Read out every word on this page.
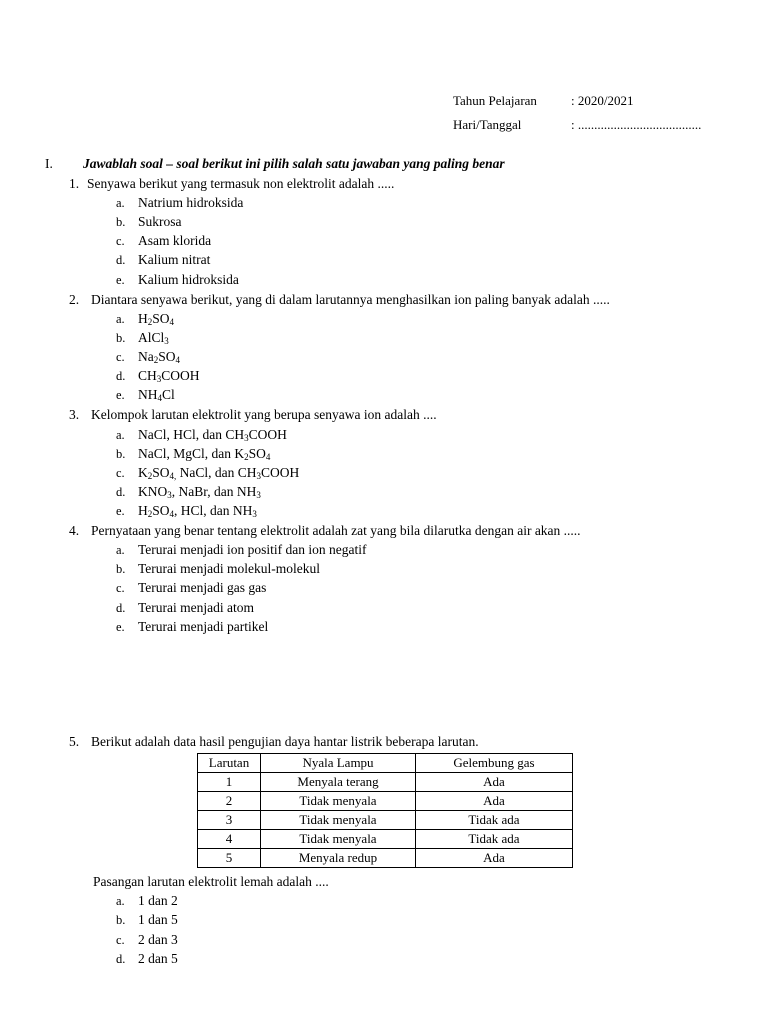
Tahun Pelajaran	: 2020/2021
Hari/Tanggal	: ......................................
I. Jawablah soal – soal berikut ini pilih salah satu jawaban yang paling benar
1. Senyawa berikut yang termasuk non elektrolit adalah .....
a. Natrium hidroksida
b. Sukrosa
c. Asam klorida
d. Kalium nitrat
e. Kalium hidroksida
2. Diantara senyawa berikut, yang di dalam larutannya menghasilkan ion paling banyak adalah .....
a. $H_2SO_4$
b. AlCl$_3$
c. $Na_2SO_4$
d. $CH_3COOH$
e. $NH_4Cl$
3. Kelompok larutan elektrolit yang berupa senyawa ion adalah ....
a. NaCl, HCl, dan $CH_3COOH$
b. NaCl, MgCl, dan $K_2SO_4$
c. $K_2SO_{4,}$ NaCl, dan $CH_3COOH$
d. $KNO_3$, NaBr, dan $NH_3$
e. $H_2SO_4$, HCl, dan $NH_3$
4. Pernyataan yang benar tentang elektrolit adalah zat yang bila dilarutka dengan air akan .....
a. Terurai menjadi ion positif dan ion negatif
b. Terurai menjadi molekul-molekul
c. Terurai menjadi gas gas
d. Terurai menjadi atom
e. Terurai menjadi partikel
5. Berikut adalah data hasil pengujian daya hantar listrik beberapa larutan.
Larutan	Nyala Lampu	Gelembung gas
1	Menyala terang	Ada
2	Tidak menyala	Ada
3	Tidak menyala	Tidak ada
4	Tidak menyala	Tidak ada
5	Menyala redup	Ada
Pasangan larutan elektrolit lemah adalah ....
a. 1 dan 2
b. 1 dan 5
c. 2 dan 3
d. 2 dan 5
